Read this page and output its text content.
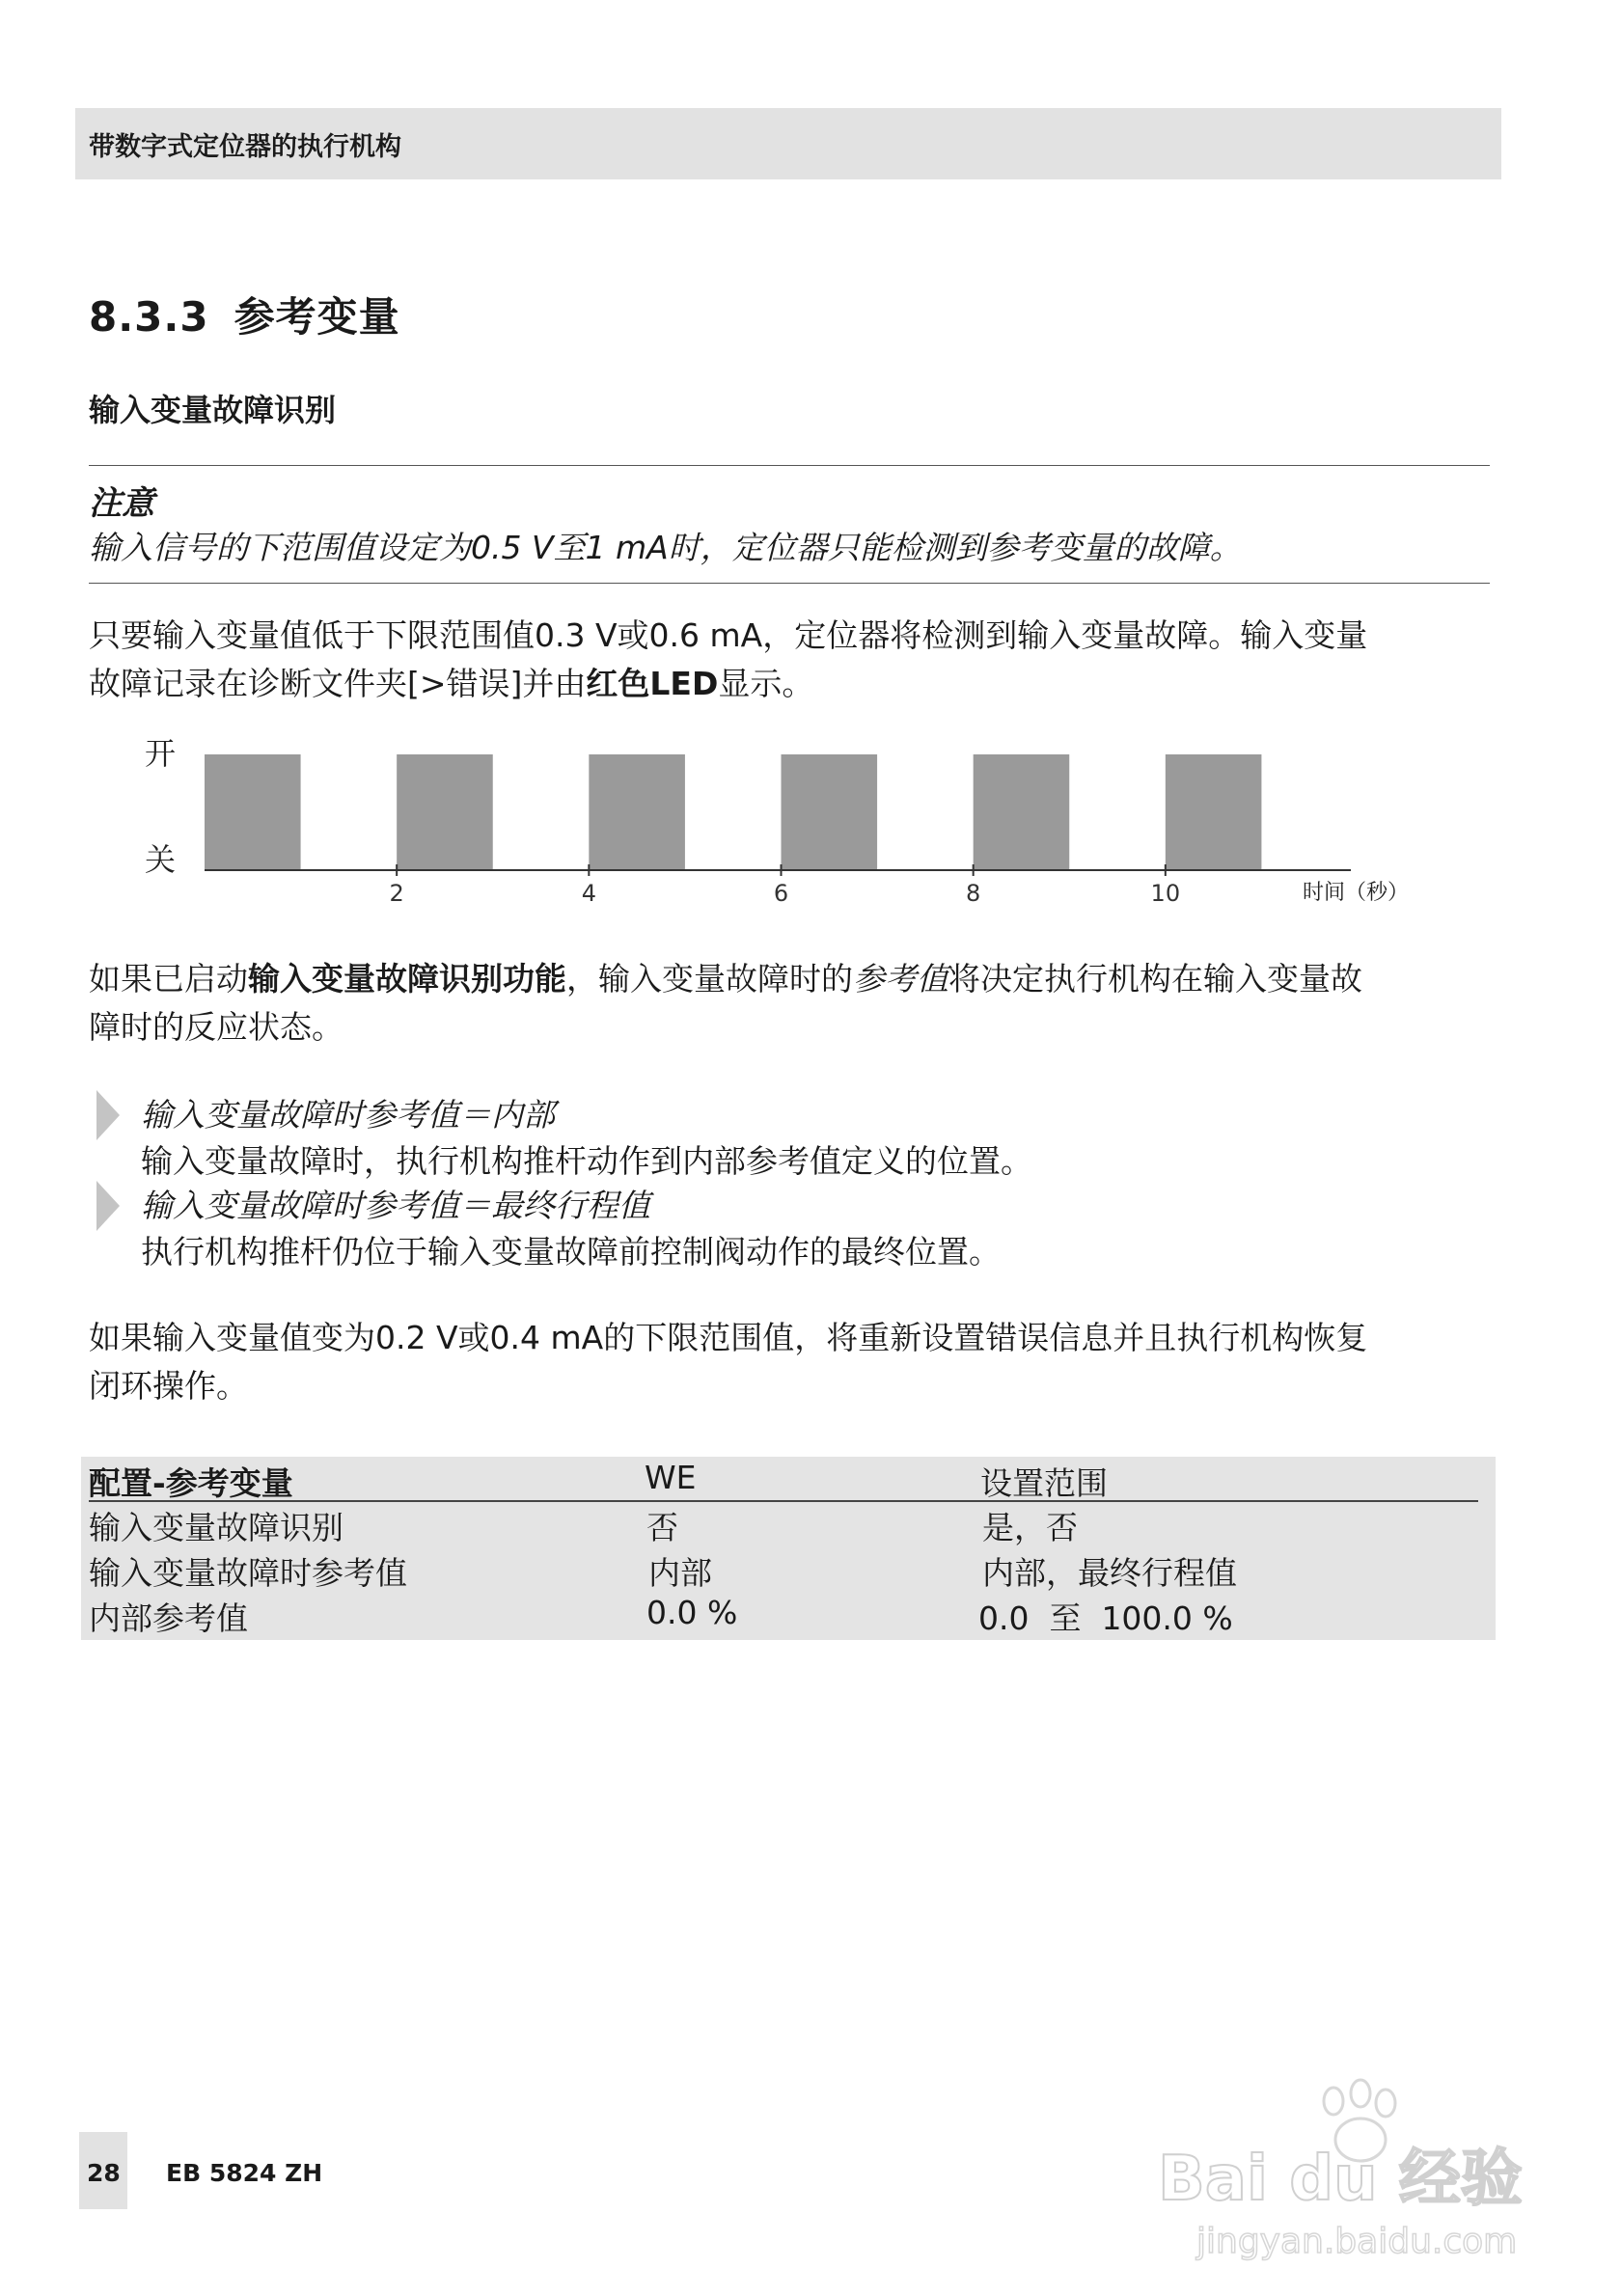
带数字式定位器的执行机构
8.3.3 参考变量
输入变量故障识别
注意
输入信号的下范围值设定为0.5 V至1 mA时，定位器只能检测到参考变量的故障。
只要输入变量值低于下限范围值0.3 V或0.6 mA，定位器将检测到输入变量故障。输入变量
故障记录在诊断文件夹[>错误]并由红色LED显示。
开
关
2	4	6	8	10	时间（秒）
如果已启动输入变量故障识别功能，输入变量故障时的参考值将决定执行机构在输入变量故
障时的反应状态。
输入变量故障时参考值＝内部
输入变量故障时，执行机构推杆动作到内部参考值定义的位置。
输入变量故障时参考值＝最终行程值
执行机构推杆仍位于输入变量故障前控制阀动作的最终位置。
如果输入变量值变为0.2 V或0.4 mA的下限范围值，将重新设置错误信息并且执行机构恢复
闭环操作。
配置-参考变量	WE	设置范围
输入变量故障识别	否	是，否
输入变量故障时参考值	内部	内部，最终行程值
内部参考值	0.0 %	0.0  至  100.0 %
28 EB 5824 ZH	Bai du 经验
jingyan.baidu.com
